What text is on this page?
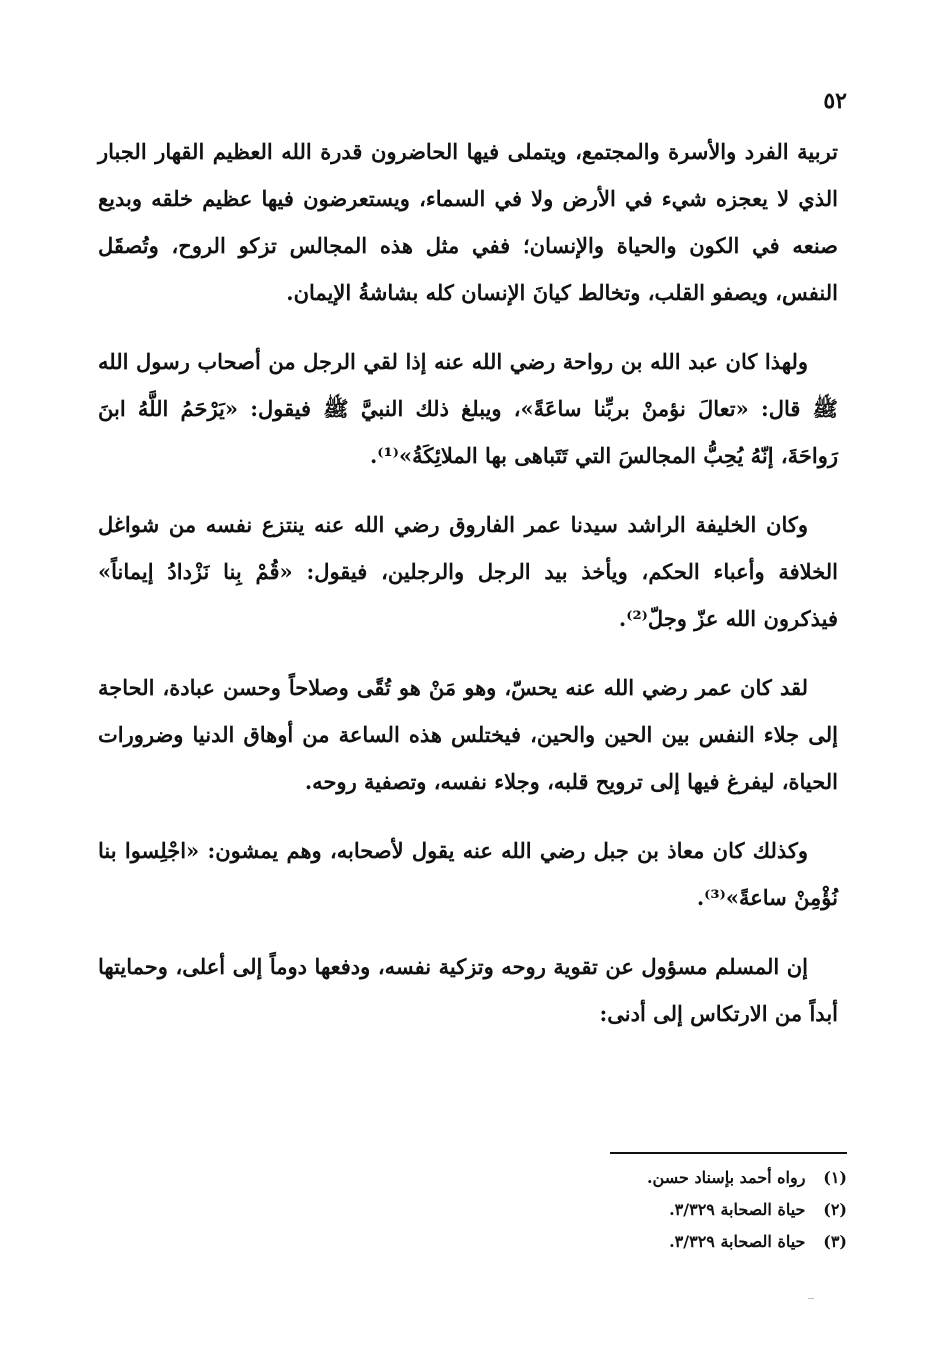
٥٢
تربية الفرد والأسرة والمجتمع، ويتملى فيها الحاضرون قدرة الله العظيم القهار الجبار الذي لا يعجزه شيء في الأرض ولا في السماء، ويستعرضون فيها عظيم خلقه وبديع صنعه في الكون والحياة والإنسان؛ ففي مثل هذه المجالس تزكو الروح، وتُصقَل النفس، ويصفو القلب، وتخالط كيانَ الإنسان كله بشاشةُ الإيمان.
ولهذا كان عبد الله بن رواحة رضي الله عنه إذا لقي الرجل من أصحاب رسول الله ﷺ قال: «تعالَ نؤمنْ بربِّنا ساعَةً»، ويبلغ ذلك النبيَّ ﷺ فيقول: «يَرْحَمُ اللَّهُ ابنَ رَواحَةَ، إنّهُ يُحِبُّ المجالسَ التي تَتَباهى بها الملائِكَةُ»⁽¹⁾.
وكان الخليفة الراشد سيدنا عمر الفاروق رضي الله عنه ينتزع نفسه من شواغل الخلافة وأعباء الحكم، ويأخذ بيد الرجل والرجلين، فيقول: «قُمْ بِنا نَزْدادُ إيماناً» فيذكرون الله عزّ وجلّ⁽²⁾.
لقد كان عمر رضي الله عنه يحسّ، وهو مَنْ هو تُقًى وصلاحاً وحسن عبادة، الحاجة إلى جلاء النفس بين الحين والحين، فيختلس هذه الساعة من أوهاق الدنيا وضرورات الحياة، ليفرغ فيها إلى ترويح قلبه، وجلاء نفسه، وتصفية روحه.
وكذلك كان معاذ بن جبل رضي الله عنه يقول لأصحابه، وهم يمشون: «اجْلِسوا بنا نُؤْمِنْ ساعةً»⁽³⁾.
إن المسلم مسؤول عن تقوية روحه وتزكية نفسه، ودفعها دوماً إلى أعلى، وحمايتها أبداً من الارتكاس إلى أدنى:
(١) رواه أحمد بإسناد حسن.
(٢) حياة الصحابة ٣/٣٢٩.
(٣) حياة الصحابة ٣/٣٢٩.
